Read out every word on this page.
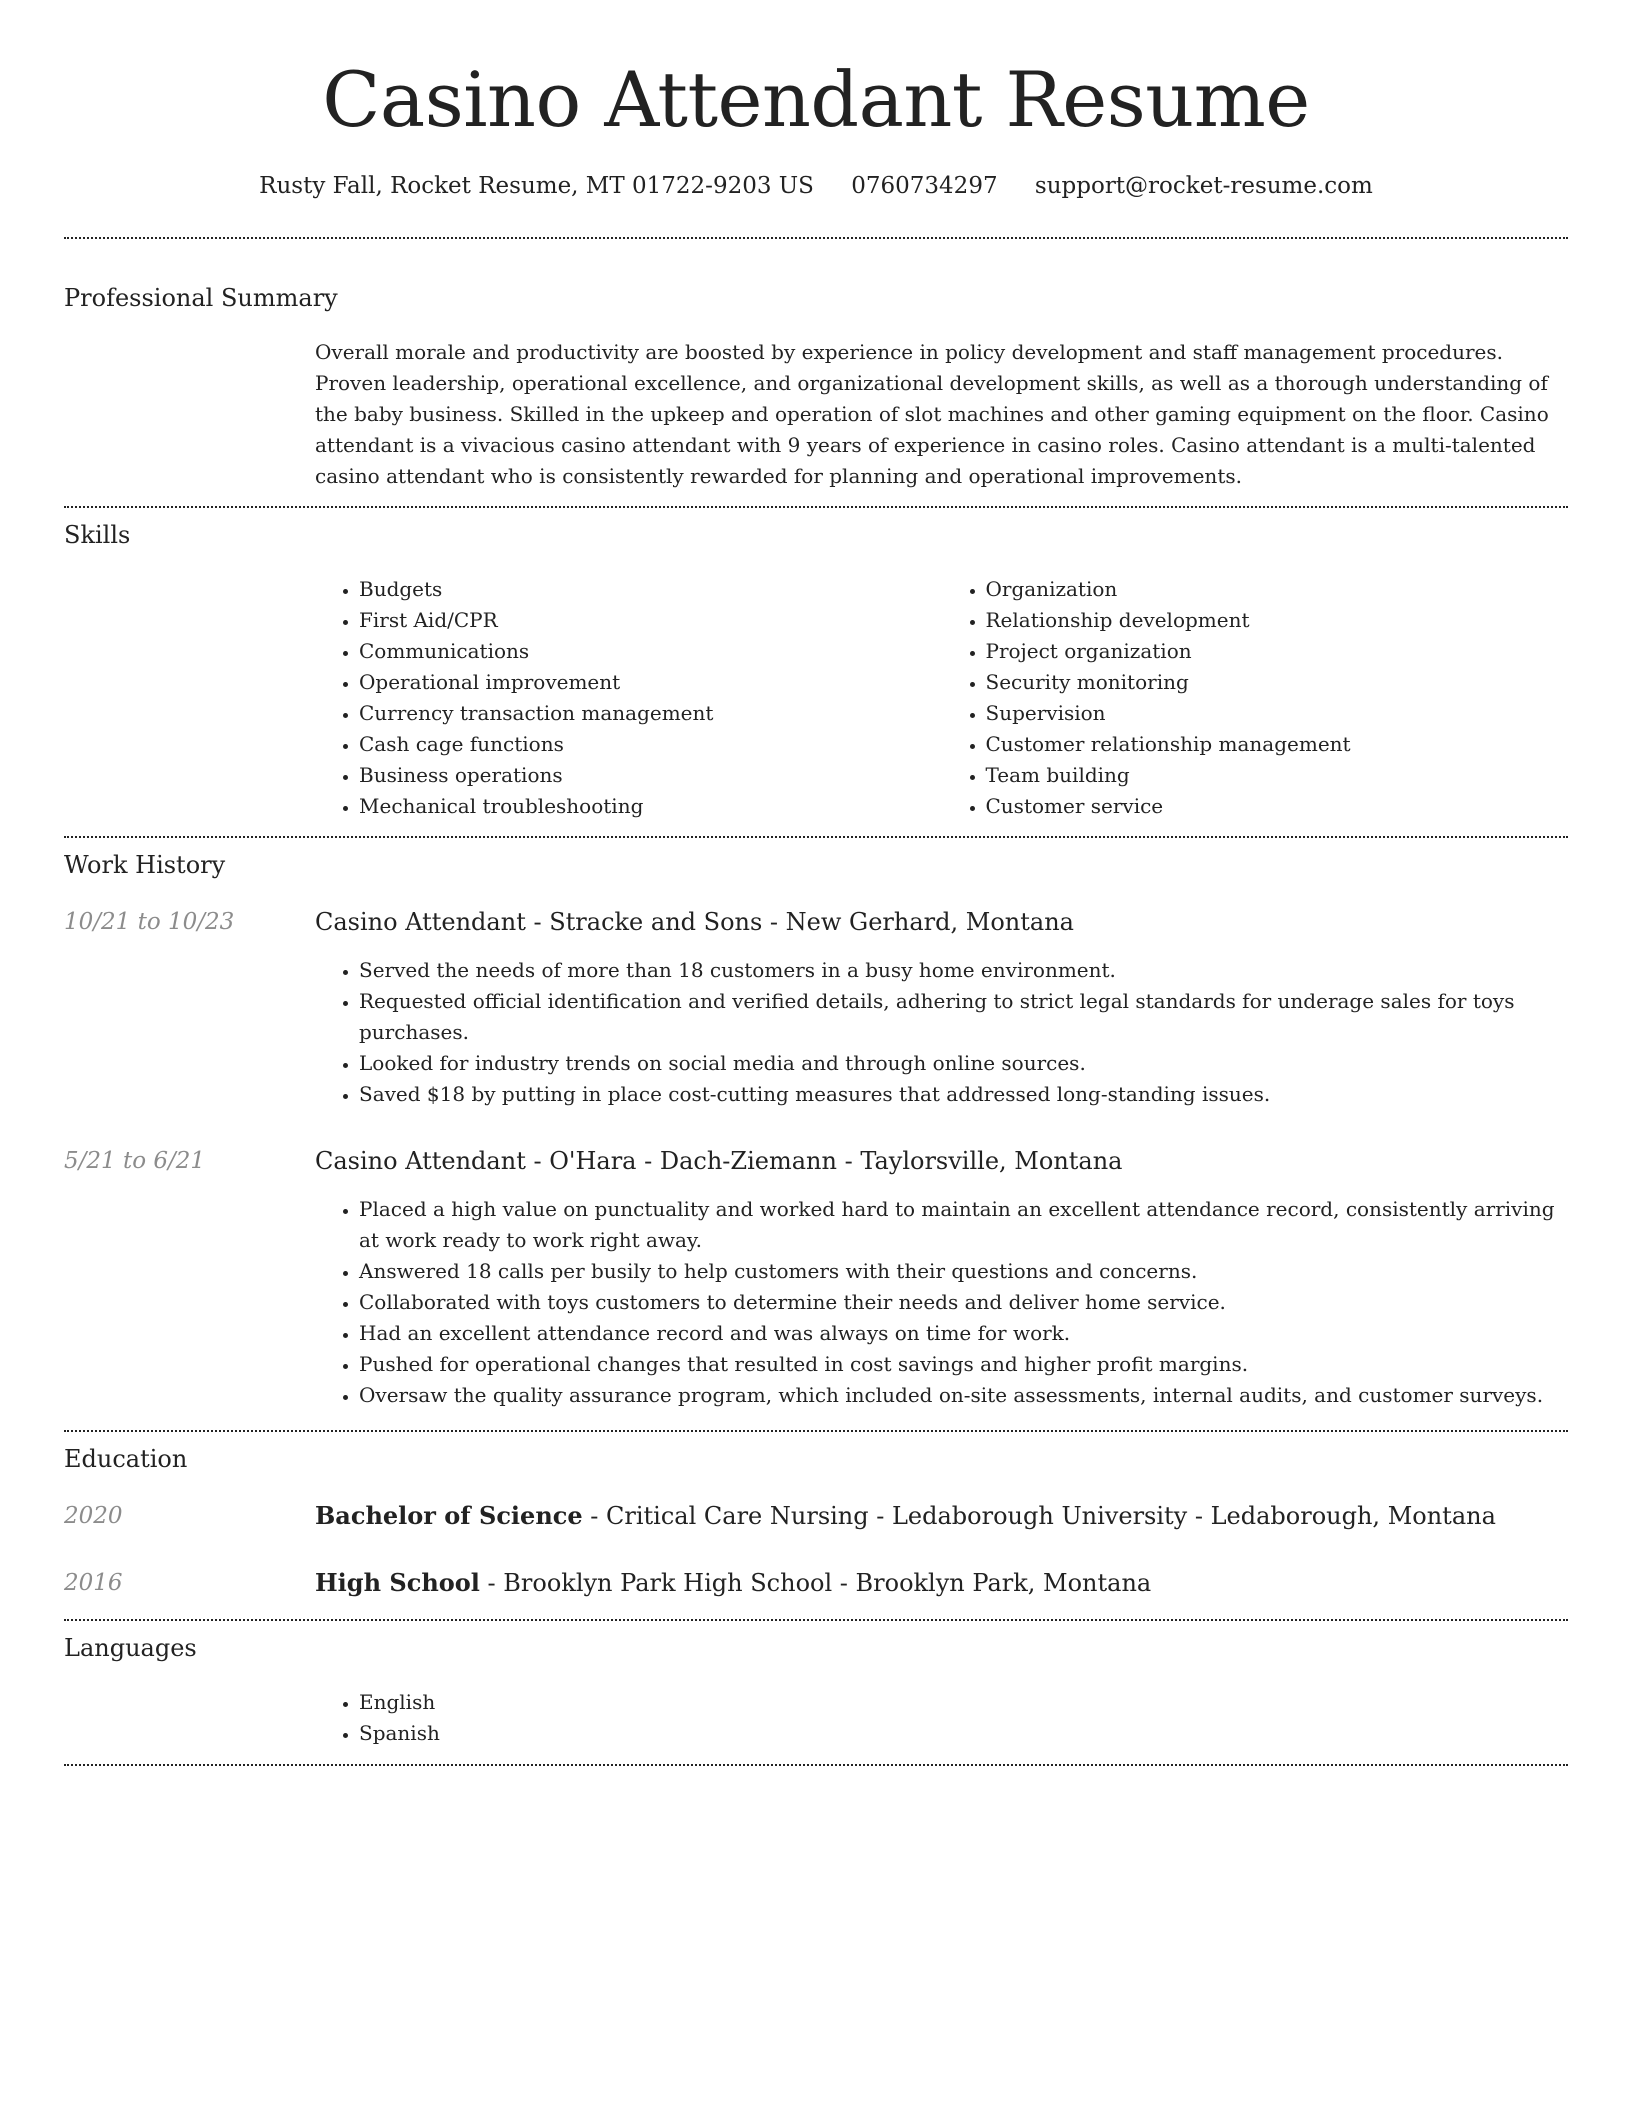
Casino Attendant Resume
Rusty Fall, Rocket Resume, MT 01722-9203 US 0760734297 support@rocket-resume.com
Professional Summary

Overall morale and productivity are boosted by experience in policy development and staff management procedures. Proven leadership, operational excellence, and organizational development skills, as well as a thorough understanding of the baby business. Skilled in the upkeep and operation of slot machines and other gaming equipment on the floor. Casino attendant is a vivacious casino attendant with 9 years of experience in casino roles. Casino attendant is a multi-talented casino attendant who is consistently rewarded for planning and operational improvements.

Skills
• Budgets
• First Aid/CPR
• Communications
• Operational improvement
• Currency transaction management
• Cash cage functions
• Business operations
• Mechanical troubleshooting
• Organization
• Relationship development
• Project organization
• Security monitoring
• Supervision
• Customer relationship management
• Team building
• Customer service
Work History
10/21 to 10/23	Casino Attendant - Stracke and Sons - New Gerhard, Montana
• Served the needs of more than 18 customers in a busy home environment.
• Requested official identification and verified details, adhering to strict legal standards for underage sales for toys purchases.
• Looked for industry trends on social media and through online sources.
• Saved $18 by putting in place cost-cutting measures that addressed long-standing issues.
5/21 to 6/21	Casino Attendant - O'Hara - Dach-Ziemann - Taylorsville, Montana
• Placed a high value on punctuality and worked hard to maintain an excellent attendance record, consistently arriving at work ready to work right away.
• Answered 18 calls per busily to help customers with their questions and concerns.
• Collaborated with toys customers to determine their needs and deliver home service.
• Had an excellent attendance record and was always on time for work.
• Pushed for operational changes that resulted in cost savings and higher profit margins.
• Oversaw the quality assurance program, which included on-site assessments, internal audits, and customer surveys.
Education
2020	Bachelor of Science - Critical Care Nursing - Ledaborough University - Ledaborough, Montana
2016	High School - Brooklyn Park High School - Brooklyn Park, Montana
Languages
• English
• Spanish
